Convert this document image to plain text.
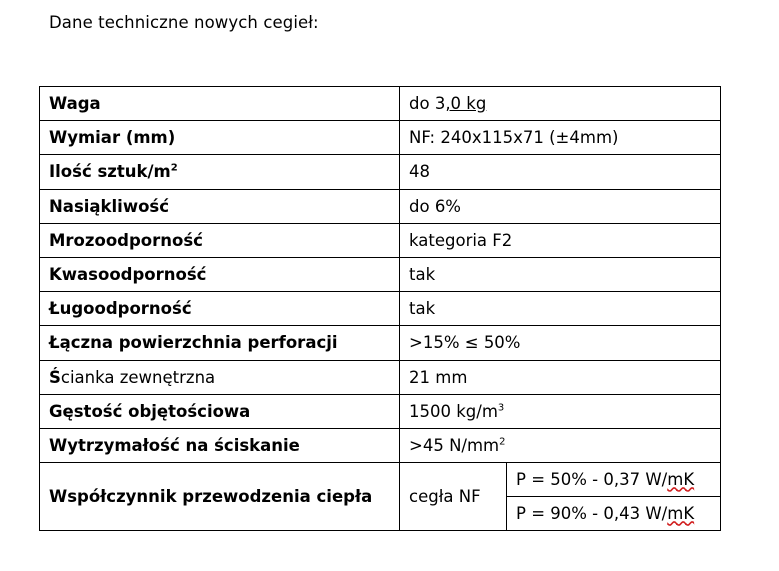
Dane techniczne nowych cegieł:
Waga	do 3,0 kg	
Wymiar (mm)	NF: 240x115x71 (±4mm)	
Ilość sztuk/$m^2$	48	
Nasiąkliwość	do 6%	
Mrozoodporność	kategoria F2	
Kwasoodporność	tak	
Ługoodporność	tak	
Łączna powierzchnia perforacji	>15% ≤ 50%	
Ścianka zewnętrzna	21 mm	
Gęstość objętościowa	1500 $kg/m^3$
Wytrzymałość na ściskanie	>45 $N/mm^2$
Współczynnik przewodzenia ciepła	cegła NF	P = 50% - 0,37 W/mK
		P = 90% - 0,43 W/mK
